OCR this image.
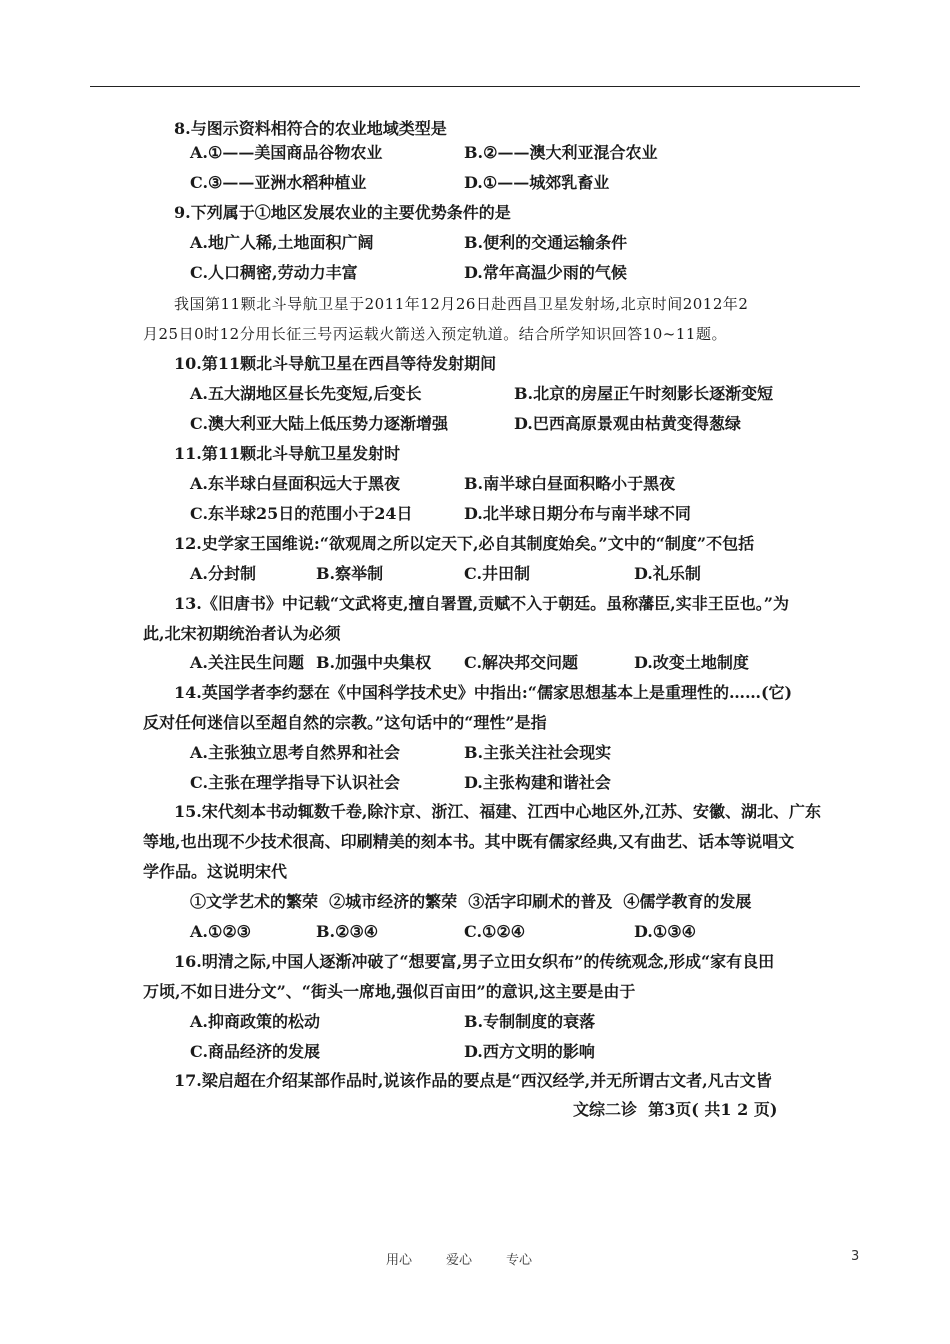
8.与图示资料相符合的农业地域类型是
A.①——美国商品谷物农业	B.②——澳大利亚混合农业
C.③——亚洲水稻种植业	D.①——城郊乳畜业
9.下列属于①地区发展农业的主要优势条件的是
A.地广人稀,土地面积广阔	B.便利的交通运输条件
C.人口稠密,劳动力丰富	D.常年高温少雨的气候
我国第11颗北斗导航卫星于2011年12月26日赴西昌卫星发射场,北京时间2012年2
月25日0时12分用长征三号丙运载火箭送入预定轨道。结合所学知识回答10~11题。
10.第11颗北斗导航卫星在西昌等待发射期间
A.五大湖地区昼长先变短,后变长	B.北京的房屋正午时刻影长逐渐变短
C.澳大利亚大陆上低压势力逐渐增强	D.巴西高原景观由枯黄变得葱绿
11.第11颗北斗导航卫星发射时
A.东半球白昼面积远大于黑夜	B.南半球白昼面积略小于黑夜
C.东半球25日的范围小于24日	D.北半球日期分布与南半球不同
12.史学家王国维说:“欲观周之所以定天下,必自其制度始矣。”文中的“制度”不包括
A.分封制	B.察举制	C.井田制	D.礼乐制
13.《旧唐书》中记载“文武将吏,擅自署置,贡赋不入于朝廷。虽称藩臣,实非王臣也。”为
此,北宋初期统治者认为必须
A.关注民生问题 B.加强中央集权 C.解决邦交问题	D.改变土地制度
14.英国学者李约瑟在《中国科学技术史》中指出:“儒家思想基本上是重理性的……(它)
反对任何迷信以至超自然的宗教。”这句话中的“理性”是指
A.主张独立思考自然界和社会	B.主张关注社会现实
C.主张在理学指导下认识社会	D.主张构建和谐社会
15.宋代刻本书动辄数千卷,除汴京、浙江、福建、江西中心地区外,江苏、安徽、湖北、广东
等地,也出现不少技术很高、印刷精美的刻本书。其中既有儒家经典,又有曲艺、话本等说唱文
学作品。这说明宋代
①文学艺术的繁荣  ②城市经济的繁荣  ③活字印刷术的普及  ④儒学教育的发展
A.①②③	B.②③④	C.①②④	D.①③④
16.明清之际,中国人逐渐冲破了“想要富,男子立田女织布”的传统观念,形成“家有良田
万顷,不如日进分文”、“街头一席地,强似百亩田”的意识,这主要是由于
A.抑商政策的松动	B.专制制度的衰落
C.商品经济的发展	D.西方文明的影响
17.梁启超在介绍某部作品时,说该作品的要点是“西汉经学,并无所谓古文者,凡古文皆
文综二诊  第3页( 共1 2 页)
用心	爱心	专心	3
